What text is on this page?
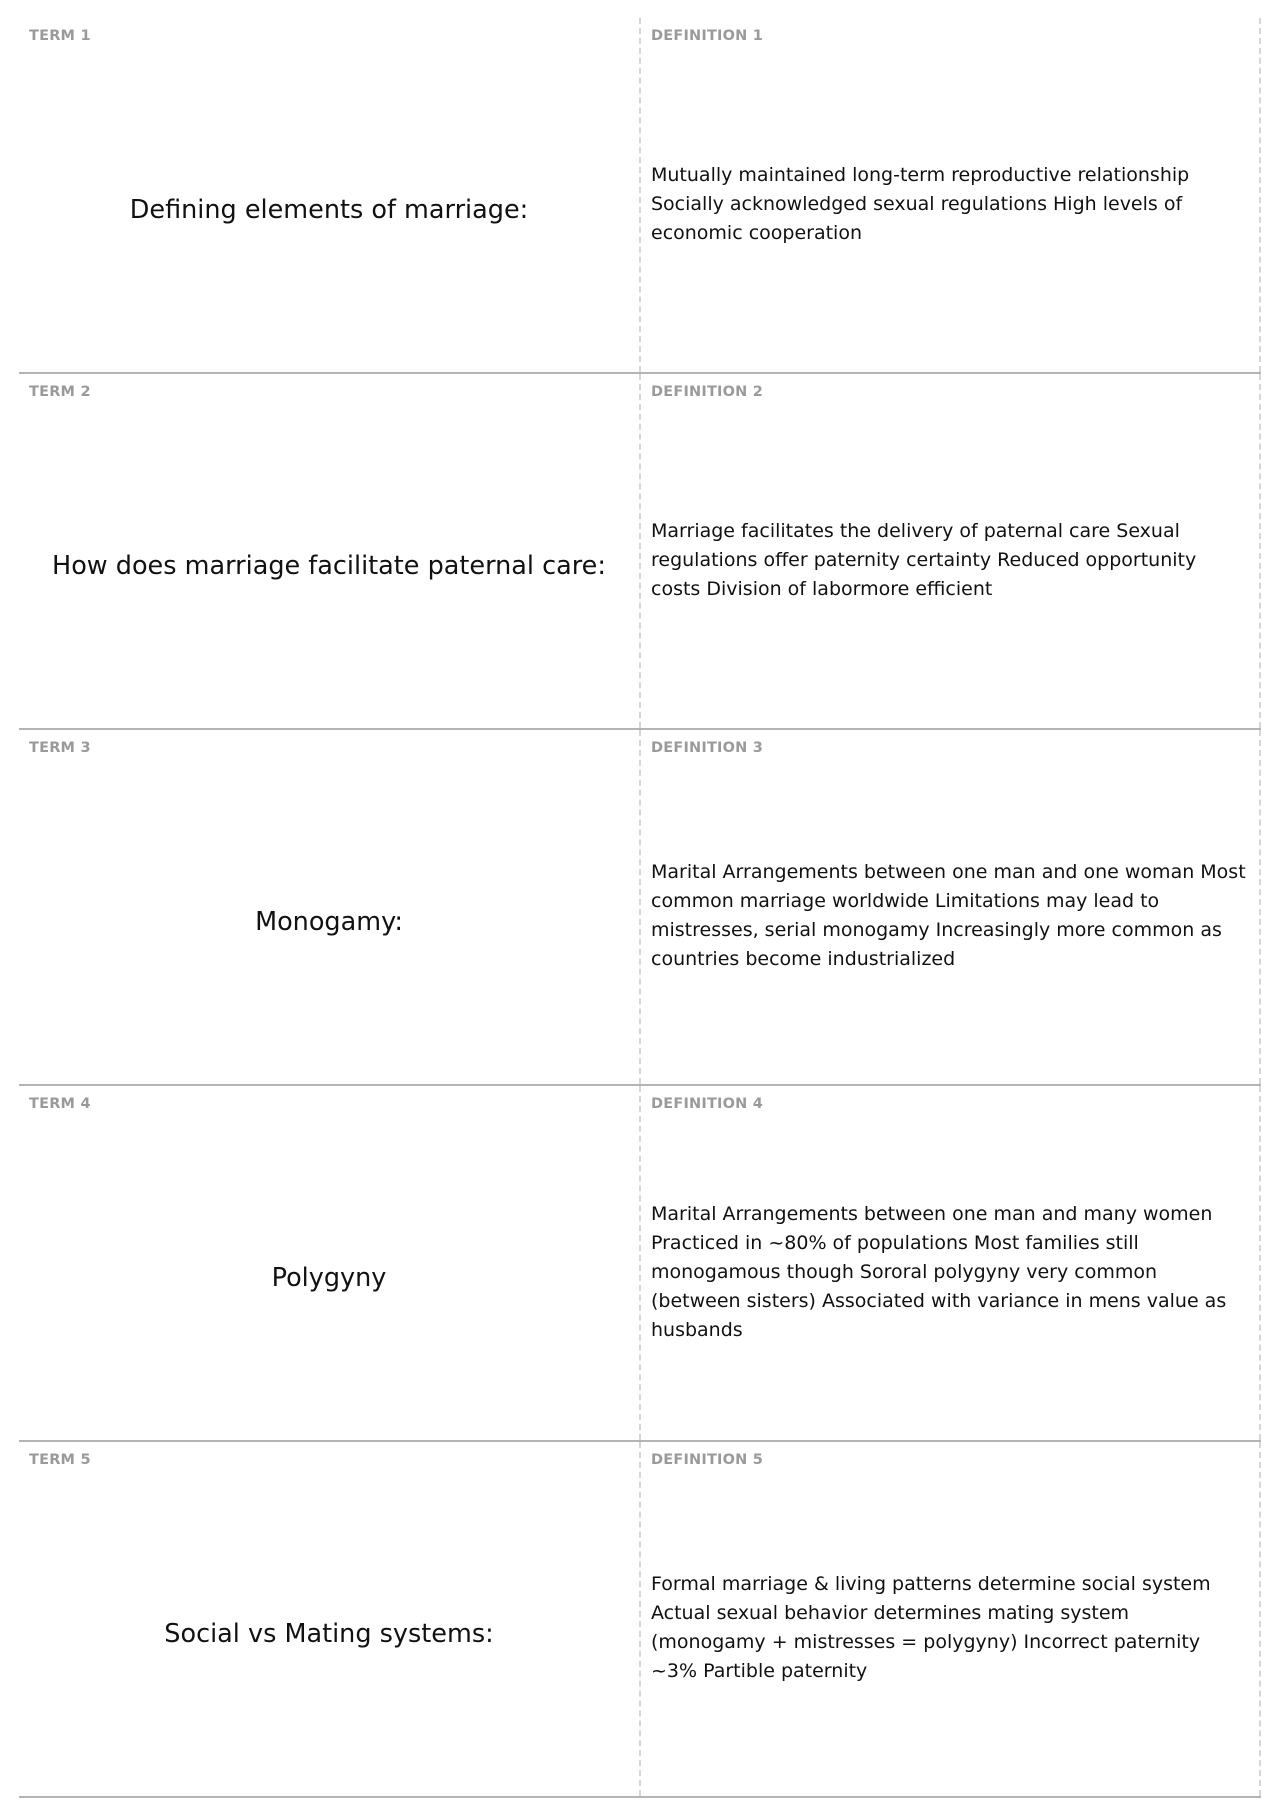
TERM 1
Defining elements of marriage:
DEFINITION 1
Mutually maintained long-term reproductive relationship Socially acknowledged sexual regulations High levels of economic cooperation
TERM 2
How does marriage facilitate paternal care:
DEFINITION 2
Marriage facilitates the delivery of paternal care Sexual regulations offer paternity certainty Reduced opportunity costs Division of labormore efficient
TERM 3
Monogamy:
DEFINITION 3
Marital Arrangements between one man and one woman Most common marriage worldwide Limitations may lead to mistresses, serial monogamy Increasingly more common as countries become industrialized
TERM 4
Polygyny
DEFINITION 4
Marital Arrangements between one man and many women Practiced in ~80% of populations Most families still monogamous though Sororal polygyny very common (between sisters) Associated with variance in mens value as husbands
TERM 5
Social vs Mating systems:
DEFINITION 5
Formal marriage & living patterns determine social system Actual sexual behavior determines mating system (monogamy + mistresses = polygyny) Incorrect paternity ~3% Partible paternity
